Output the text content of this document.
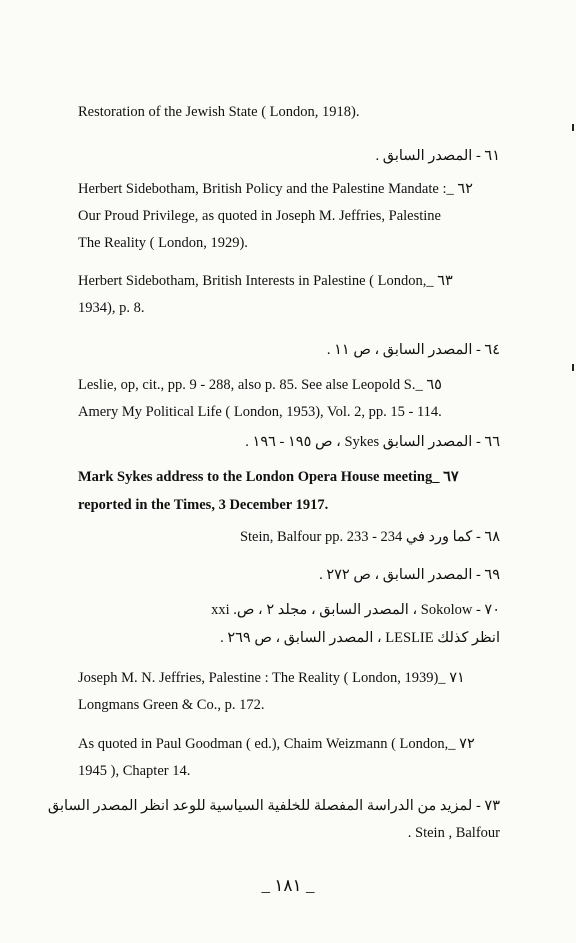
Restoration of the Jewish State ( London, 1918).
٦١ - المصدر السابق .
Herbert Sidebotham, British Policy and the Palestine Mandate :_ ٦٢
Our Proud Privilege, as quoted in Joseph M. Jeffries, Palestine
The Reality ( London, 1929).
Herbert Sidebotham, British Interests in Palestine ( London,_ ٦٣
1934), p. 8.
٦٤ - المصدر السابق ، ص ١١ .
Leslie, op, cit., pp. 9 - 288, also p. 85. See alse Leopold S._ ٦٥
Amery My Political Life ( London, 1953), Vol. 2, pp. 15 - 114.
٦٦ - المصدر السابق Sykes ، ص ١٩٥ - ١٩٦ .
Mark Sykes address to the London Opera House meeting_ ٦٧
reported in the Times, 3 December 1917.
٦٨ - كما ورد في Stein, Balfour pp. 233 - 234
٦٩ - المصدر السابق ، ص ٢٧٢ .
٧٠ - Sokolow ، المصدر السابق ، مجلد ٢ ، ص. xxi
انظر كذلك LESLIE ، المصدر السابق ، ص ٢٦٩ .
Joseph M. N. Jeffries, Palestine : The Reality ( London, 1939)_ ٧١
Longmans Green & Co., p. 172.
As quoted in Paul Goodman ( ed.), Chaim Weizmann ( London,_ ٧٢
1945 ), Chapter 14.
٧٣ - لمزيد من الدراسة المفصلة للخلفية السياسية للوعد انظر المصدر السابق
Stein , Balfour .
_ ١٨١ _
